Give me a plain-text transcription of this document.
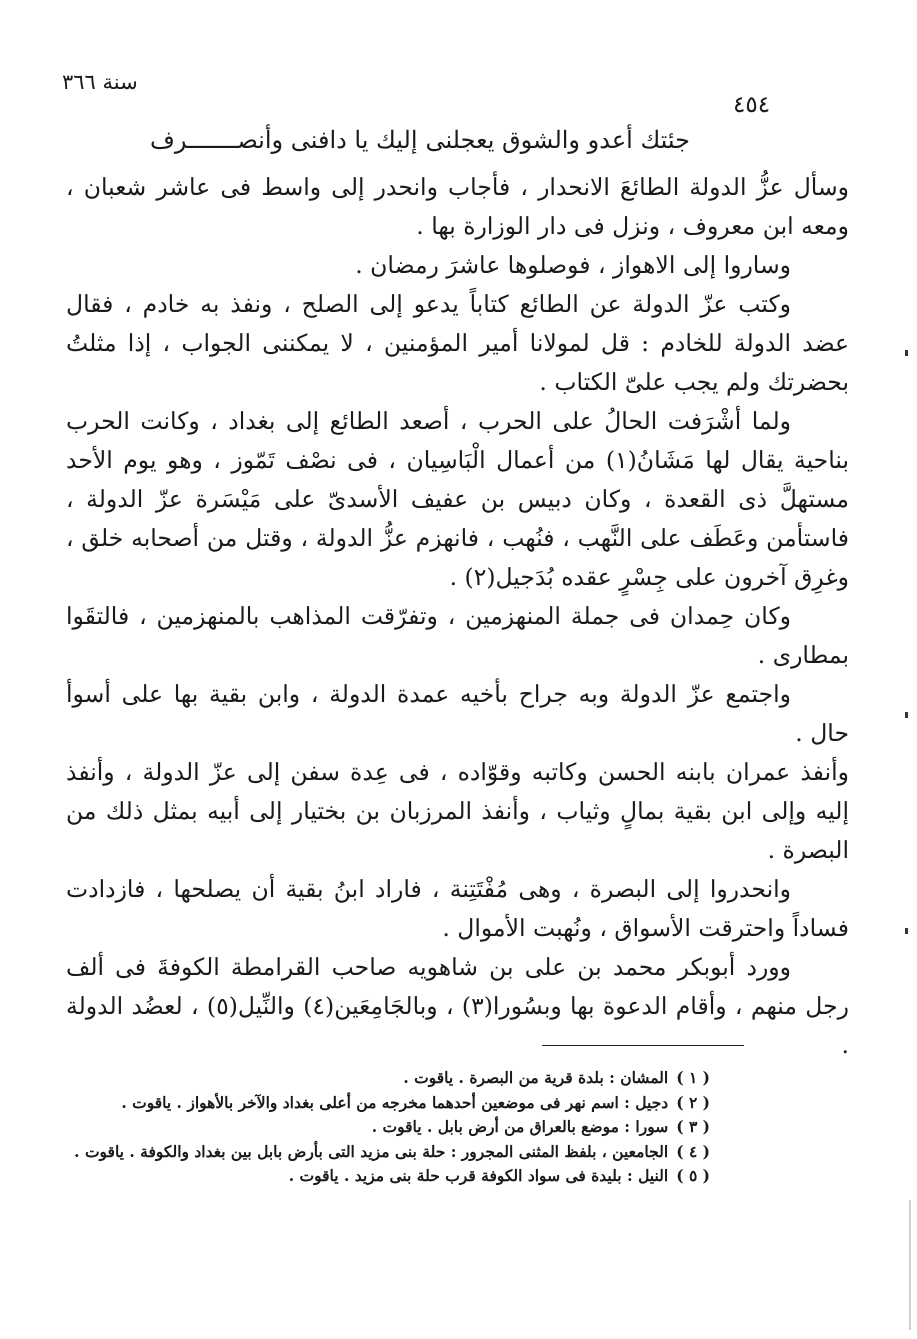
سنة ٣٦٦
٤٥٤
جئتك أعدو والشوق يعجلنى
إليك يا دافنى وأنصـــــــرف

وسأل عزُّ الدولة الطائعَ الانحدار ، فأجاب وانحدر إلى واسط فى عاشر شعبان ، ومعه ابن معروف ، ونزل فى دار الوزارة بها .

وساروا إلى الاهواز ، فوصلوها عاشرَ رمضان .

وكتب عزّ الدولة عن الطائع كتاباً يدعو إلى الصلح ، ونفذ به خادم ، فقال عضد الدولة للخادم : قل لمولانا أمير المؤمنين ، لا يمكننى الجواب ، إذا مثلتُ بحضرتك ولم يجب علىّ الكتاب .

ولما أشْرَفت الحالُ على الحرب ، أصعد الطائع إلى بغداد ، وكانت الحرب بناحية يقال لها مَشَانُ(١) من أعمال الْبَاسِيان ، فى نصْف تَمّوز ، وهو يوم الأحد مستهلَّ ذى القعدة ، وكان دبيس بن عفيف الأسدىّ على مَيْسَرة عزّ الدولة ، فاستأمن وعَطَف على النَّهب ، فنُهب ، فانهزم عزُّ الدولة ، وقتل من أصحابه خلق ، وغرِق آخرون على جِسْرٍ عقده بُدَجيل(٢) .

وكان حِمدان فى جملة المنهزمين ، وتفرّقت المذاهب بالمنهزمين ، فالتقَوا بمطارى .

واجتمع عزّ الدولة وبه جراح بأخيه عمدة الدولة ، وابن بقية بها على أسوأ حال .

وأنفذ عمران بابنه الحسن وكاتبه وقوّاده ، فى عِدة سفن إلى عزّ الدولة ، وأنفذ إليه وإلى ابن بقية بمالٍ وثياب ، وأنفذ المرزبان بن بختيار إلى أبيه بمثل ذلك من البصرة .

وانحدروا إلى البصرة ، وهى مُفْتَتِنة ، فاراد ابنُ بقية أن يصلحها ، فازدادت فساداً واحترقت الأسواق ، ونُهبت الأموال .

وورد أبوبكر محمد بن على بن شاهويه صاحب القرامطة الكوفةَ فى ألف رجل منهم ، وأقام الدعوة بها وبسُورا(٣) ، وبالجَامِعَين(٤) والنِّيل(٥) ، لعضُد الدولة .

( ١ )المشان : بلدة قرية من البصرة . ياقوت .

( ٢ )دجيل : اسم نهر فى موضعين أحدهما مخرجه من أعلى بغداد والآخر بالأهواز . ياقوت .

( ٣ )سورا : موضع بالعراق من أرض بابل . ياقوت .

( ٤ )الجامعين ، بلفظ المثنى المجرور : حلة بنى مزيد التى بأرض بابل بين بغداد والكوفة . ياقوت .

( ٥ )النيل : بليدة فى سواد الكوفة قرب حلة بنى مزيد . ياقوت .
